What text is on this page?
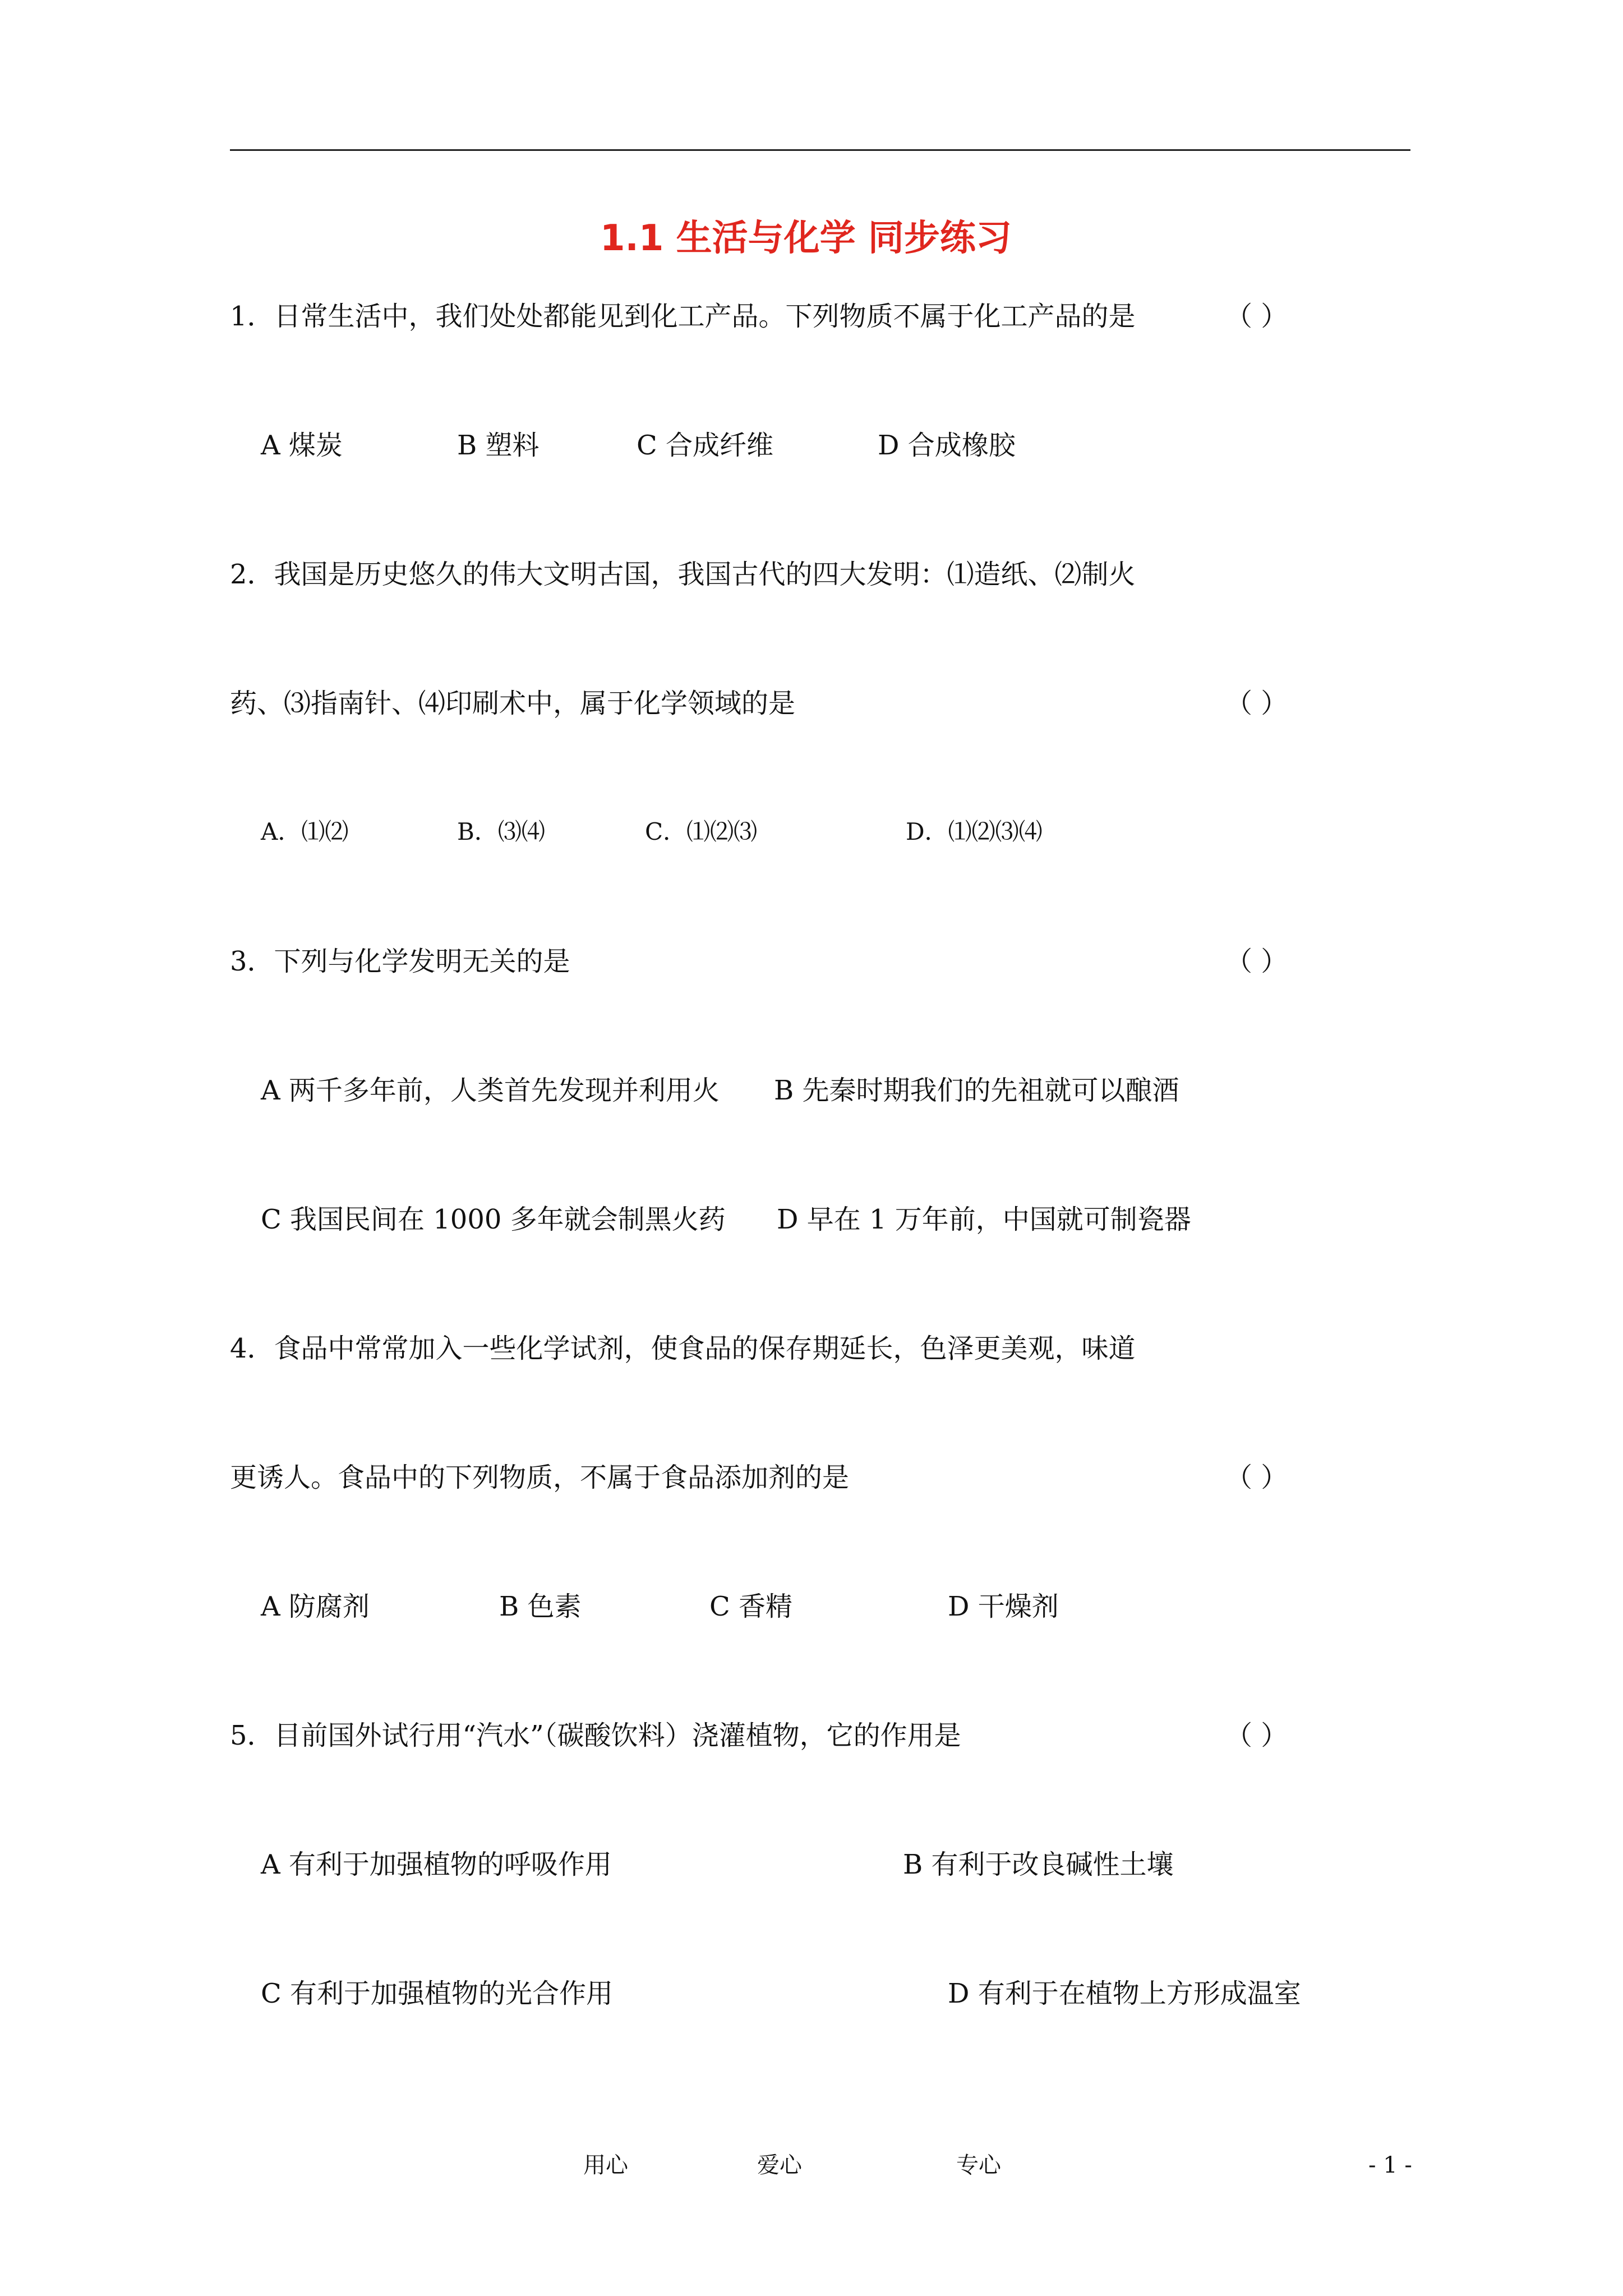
1.1 生活与化学 同步练习
1．日常生活中，我们处处都能见到化工产品。下列物质不属于化工产品的是	（ ）
A 煤炭	B 塑料	C 合成纤维	D 合成橡胶
2．我国是历史悠久的伟大文明古国，我国古代的四大发明：⑴造纸、⑵制火
药、⑶指南针、⑷印刷术中，属于化学领域的是	（ ）
A．⑴⑵	B．⑶⑷	C．⑴⑵⑶	D．⑴⑵⑶⑷
3．下列与化学发明无关的是	（ ）
A 两千多年前，人类首先发现并利用火 B 先秦时期我们的先祖就可以酿酒
C 我国民间在 1000 多年就会制黑火药 D 早在 1 万年前，中国就可制瓷器
4．食品中常常加入一些化学试剂，使食品的保存期延长，色泽更美观，味道
更诱人。食品中的下列物质，不属于食品添加剂的是	（ ）
A 防腐剂	B 色素	C 香精	D 干燥剂
5．目前国外试行用“汽水”（碳酸饮料）浇灌植物，它的作用是	（ ）
A 有利于加强植物的呼吸作用	B 有利于改良碱性土壤
C 有利于加强植物的光合作用	D 有利于在植物上方形成温室
用心	爱心	专心	- 1 -
